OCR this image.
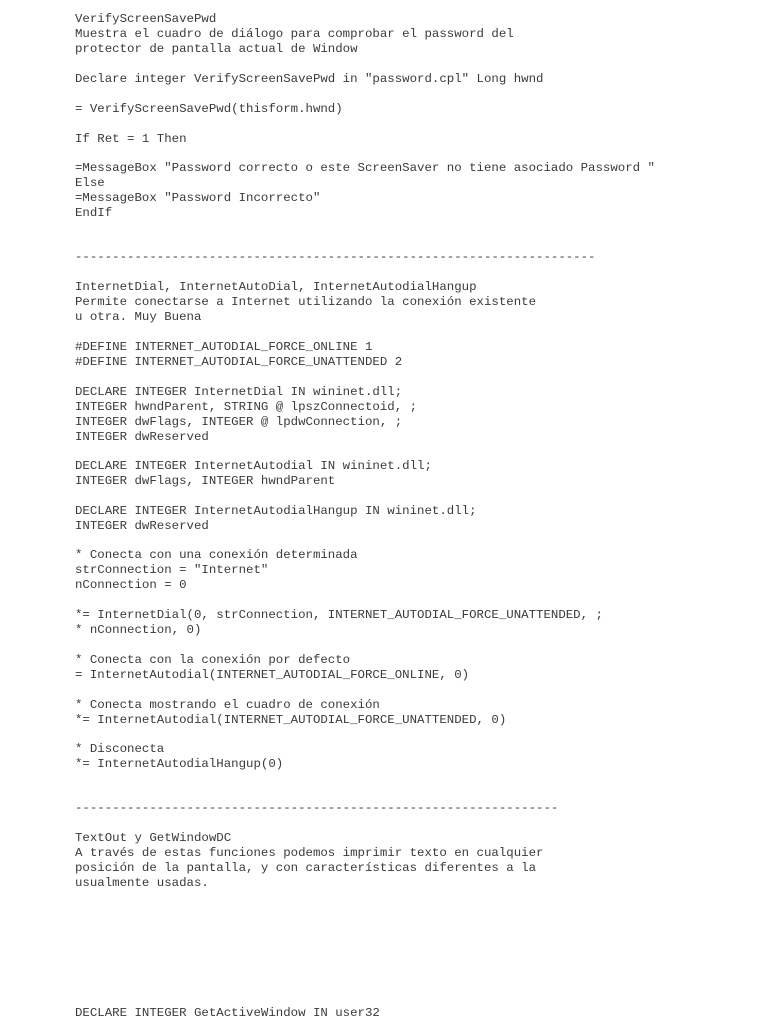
VerifyScreenSavePwd

Muestra el cuadro de diálogo para comprobar el password del

protector de pantalla actual de Window

Declare integer VerifyScreenSavePwd in "password.cpl" Long hwnd

= VerifyScreenSavePwd(thisform.hwnd)

If Ret = 1 Then

=MessageBox "Password correcto o este ScreenSaver no tiene asociado Password "

Else

=MessageBox "Password Incorrecto"

EndIf

----------------------------------------------------------------------

InternetDial, InternetAutoDial, InternetAutodialHangup

Permite conectarse a Internet utilizando la conexión existente

u otra. Muy Buena

#DEFINE INTERNET_AUTODIAL_FORCE_ONLINE 1

#DEFINE INTERNET_AUTODIAL_FORCE_UNATTENDED 2

DECLARE INTEGER InternetDial IN wininet.dll;

INTEGER hwndParent, STRING @ lpszConnectoid, ;

INTEGER dwFlags, INTEGER @ lpdwConnection, ;

INTEGER dwReserved

DECLARE INTEGER InternetAutodial IN wininet.dll;

INTEGER dwFlags, INTEGER hwndParent

DECLARE INTEGER InternetAutodialHangup IN wininet.dll;

INTEGER dwReserved

* Conecta con una conexión determinada

strConnection = "Internet"

nConnection = 0

*= InternetDial(0, strConnection, INTERNET_AUTODIAL_FORCE_UNATTENDED, ;

* nConnection, 0)

* Conecta con la conexión por defecto

= InternetAutodial(INTERNET_AUTODIAL_FORCE_ONLINE, 0)

* Conecta mostrando el cuadro de conexión

*= InternetAutodial(INTERNET_AUTODIAL_FORCE_UNATTENDED, 0)

* Disconecta

*= InternetAutodialHangup(0)

-----------------------------------------------------------------

TextOut y GetWindowDC

A través de estas funciones podemos imprimir texto en cualquier

posición de la pantalla, y con características diferentes a la

usualmente usadas.

DECLARE INTEGER GetActiveWindow IN user32
